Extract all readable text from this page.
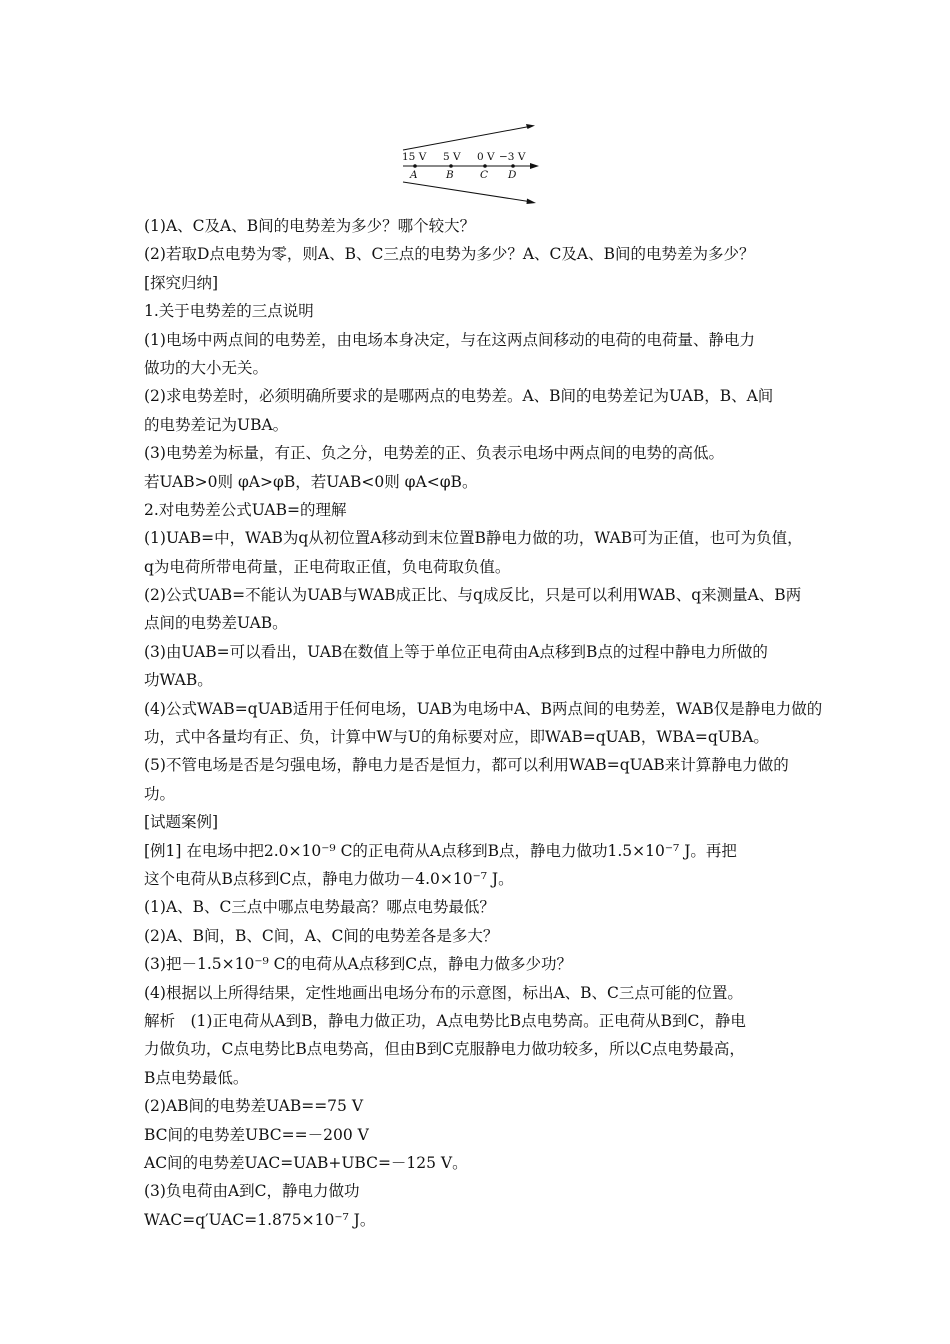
15 V 5 V 0 V −3 V
A	B	C D
(1)A、C及A、B间的电势差为多少？哪个较大？
(2)若取D点电势为零，则A、B、C三点的电势为多少？A、C及A、B间的电势差为多少？
[探究归纳]
1.关于电势差的三点说明
(1)电场中两点间的电势差，由电场本身决定，与在这两点间移动的电荷的电荷量、静电力
做功的大小无关。
(2)求电势差时，必须明确所要求的是哪两点的电势差。A、B间的电势差记为UAB，B、A间
的电势差记为UBA。
(3)电势差为标量，有正、负之分，电势差的正、负表示电场中两点间的电势的高低。
若UAB>0则 φA>φB，若UAB<0则 φA<φB。
2.对电势差公式UAB=的理解
(1)UAB=中，WAB为q从初位置A移动到末位置B静电力做的功，WAB可为正值，也可为负值，
q为电荷所带电荷量，正电荷取正值，负电荷取负值。
(2)公式UAB=不能认为UAB与WAB成正比、与q成反比，只是可以利用WAB、q来测量A、B两
点间的电势差UAB。
(3)由UAB=可以看出，UAB在数值上等于单位正电荷由A点移到B点的过程中静电力所做的
功WAB。
(4)公式WAB=qUAB适用于任何电场，UAB为电场中A、B两点间的电势差，WAB仅是静电力做的
功，式中各量均有正、负，计算中W与U的角标要对应，即WAB=qUAB，WBA=qUBA。
(5)不管电场是否是匀强电场，静电力是否是恒力，都可以利用WAB=qUAB来计算静电力做的
功。
[试题案例]
[例1] 在电场中把2.0×10⁻⁹ C的正电荷从A点移到B点，静电力做功1.5×10⁻⁷ J。再把
这个电荷从B点移到C点，静电力做功－4.0×10⁻⁷ J。
(1)A、B、C三点中哪点电势最高？哪点电势最低？
(2)A、B间，B、C间，A、C间的电势差各是多大？
(3)把－1.5×10⁻⁹ C的电荷从A点移到C点，静电力做多少功？
(4)根据以上所得结果，定性地画出电场分布的示意图，标出A、B、C三点可能的位置。
解析　(1)正电荷从A到B，静电力做正功，A点电势比B点电势高。正电荷从B到C，静电
力做负功，C点电势比B点电势高，但由B到C克服静电力做功较多，所以C点电势最高，
B点电势最低。
(2)AB间的电势差UAB==75 V
BC间的电势差UBC==－200 V
AC间的电势差UAC=UAB+UBC=－125 V。
(3)负电荷由A到C，静电力做功
WAC=q′UAC=1.875×10⁻⁷ J。
